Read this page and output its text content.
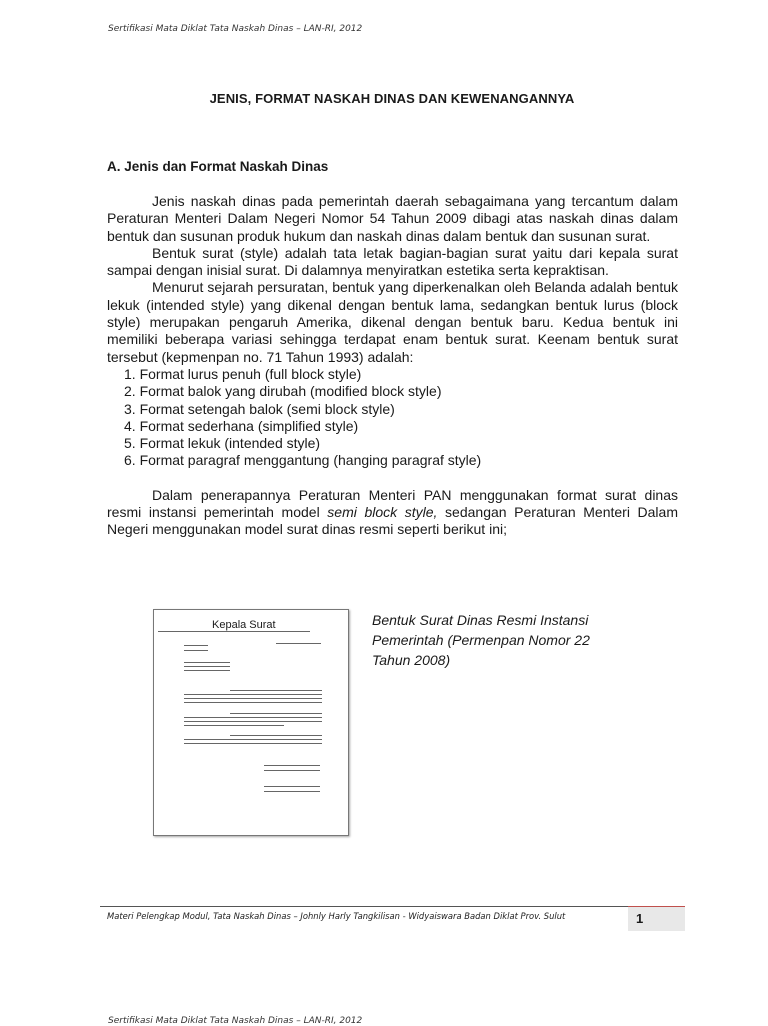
Sertifikasi Mata Diklat Tata Naskah Dinas – LAN-RI, 2012
JENIS, FORMAT NASKAH DINAS DAN KEWENANGANNYA
A. Jenis dan Format Naskah Dinas

Jenis naskah dinas pada pemerintah daerah sebagaimana yang tercantum dalam Peraturan Menteri Dalam Negeri Nomor 54 Tahun 2009 dibagi atas naskah dinas dalam bentuk dan susunan produk hukum dan naskah dinas dalam bentuk dan susunan surat.

Bentuk surat (style) adalah tata letak bagian-bagian surat yaitu dari kepala surat sampai dengan inisial surat. Di dalamnya menyiratkan estetika serta kepraktisan.

Menurut sejarah persuratan, bentuk yang diperkenalkan oleh Belanda adalah bentuk lekuk (intended style) yang dikenal dengan bentuk lama, sedangkan bentuk lurus (block style) merupakan pengaruh Amerika, dikenal dengan bentuk baru. Kedua bentuk ini memiliki beberapa variasi sehingga terdapat enam bentuk surat. Keenam bentuk surat tersebut (kepmenpan no. 71 Tahun 1993) adalah:

1. Format lurus penuh (full block style)
2. Format balok yang dirubah (modified block style)
3. Format setengah balok (semi block style)
4. Format sederhana (simplified style)
5. Format lekuk (intended style)
6. Format paragraf menggantung (hanging paragraf style)

Dalam penerapannya Peraturan Menteri PAN menggunakan format surat dinas resmi instansi pemerintah model semi block style, sedangan Peraturan Menteri Dalam Negeri menggunakan model surat dinas resmi seperti berikut ini;

Kepala Surat	Bentuk Surat Dinas Resmi Instansi Pemerintah (Permenpan Nomor 22 Tahun 2008)
Materi Pelengkap Modul, Tata Naskah Dinas – Johnly Harly Tangkilisan - Widyaiswara Badan Diklat Prov. Sulut	1
Sertifikasi Mata Diklat Tata Naskah Dinas – LAN-RI, 2012
